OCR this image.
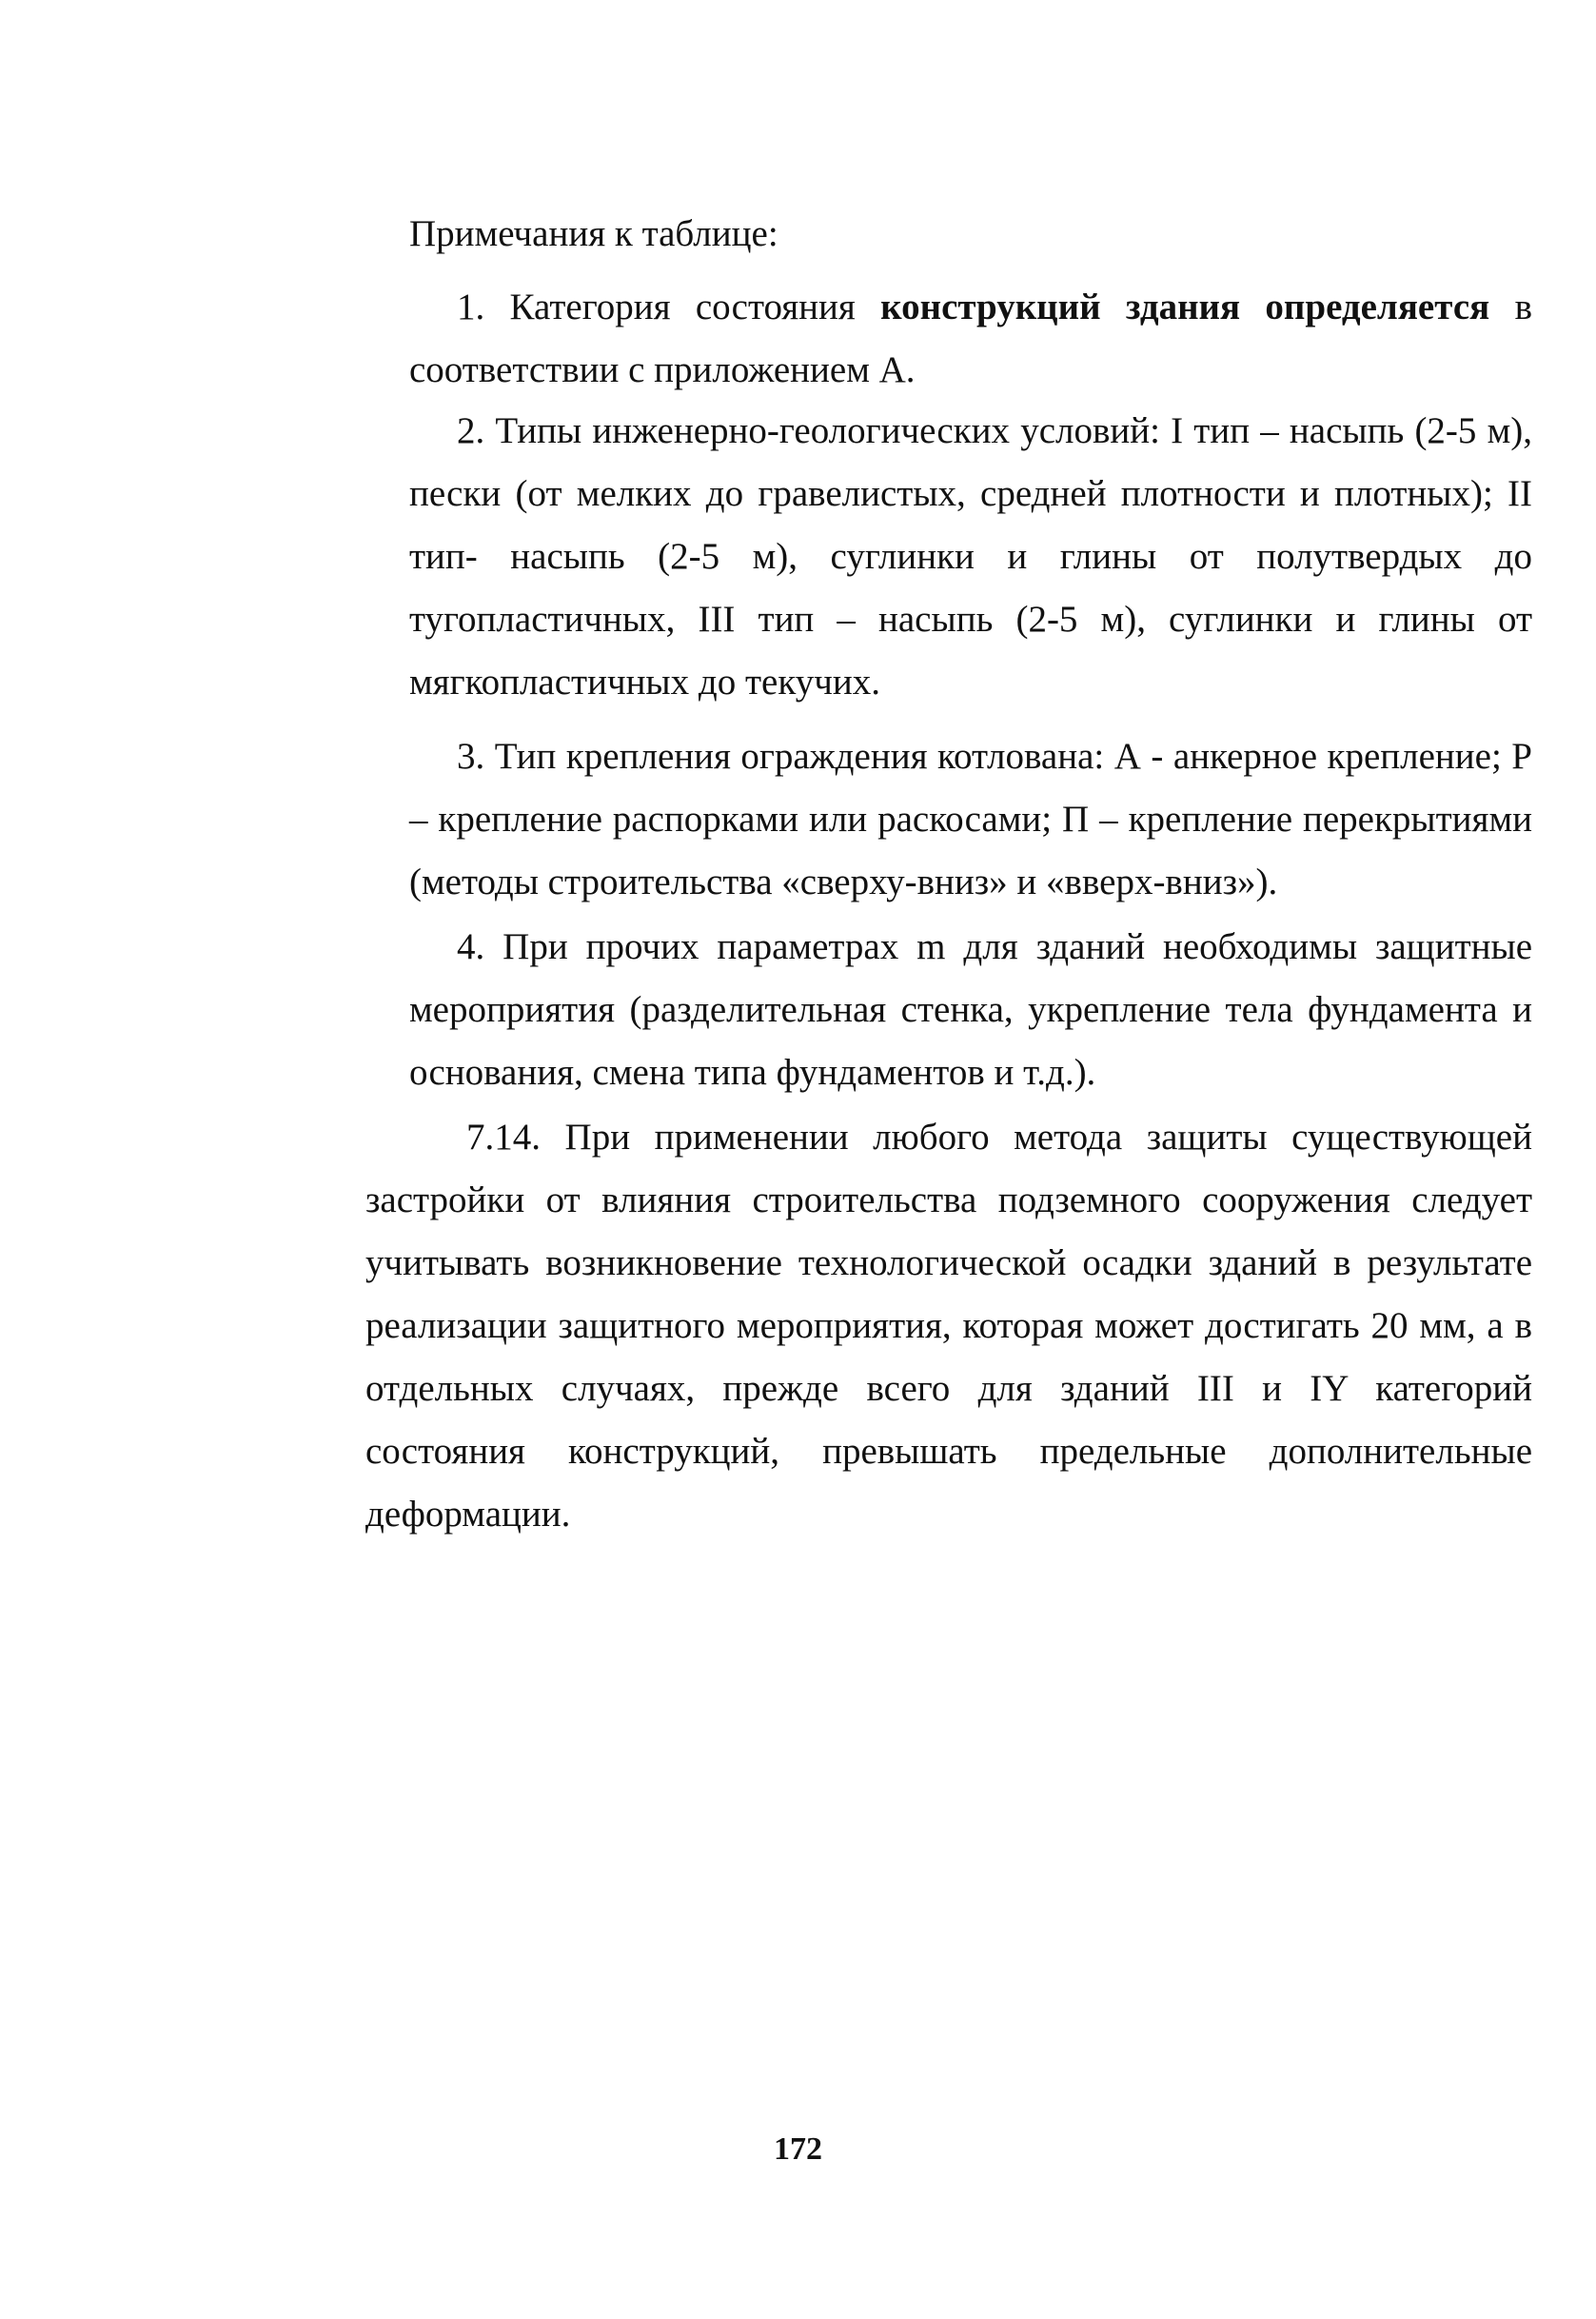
Примечания к таблице:

1. Категория состояния конструкций здания определяется в соответствии с приложением А.

2. Типы инженерно-геологических условий: I тип – насыпь (2-5 м), пески (от мелких до гравелистых, средней плотности и плотных); II тип- насыпь (2-5 м), суглинки и глины от полутвердых до тугопластичных, III тип – насыпь (2-5 м), суглинки и глины от мягкопластичных до текучих.

3. Тип крепления ограждения котлована: А - анкерное крепление; Р – крепление распорками или раскосами; П – крепление перекрытиями (методы строительства «сверху-вниз» и «вверх-вниз»).

4. При прочих параметрах m для зданий необходимы защитные мероприятия (разделительная стенка, укрепление тела фундамента и основания, смена типа фундаментов и т.д.).

7.14. При применении любого метода защиты существующей застройки от влияния строительства подземного сооружения следует учитывать возникновение технологической осадки зданий в результате реализации защитного мероприятия, которая может достигать 20 мм, а в отдельных случаях, прежде всего для зданий III и IY категорий состояния конструкций, превышать предельные дополнительные деформации.

172
